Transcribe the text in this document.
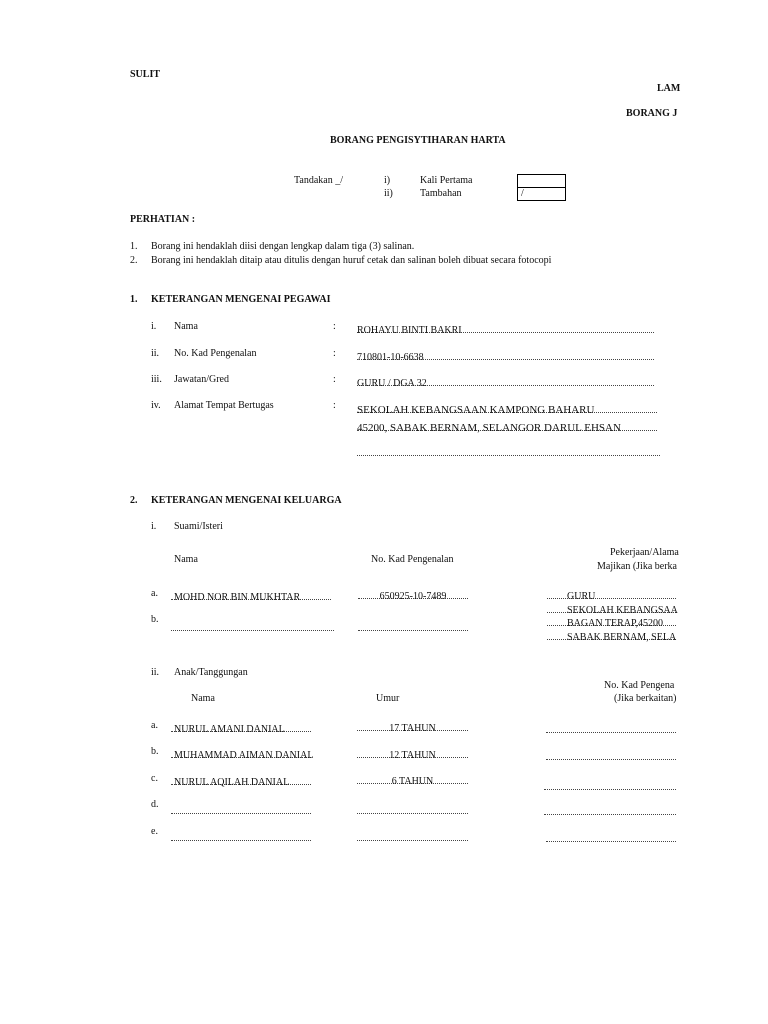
SULIT
LAM
BORANG J
BORANG PENGISYTIHARAN HARTA
Tandakan _/	i)	Kali Pertama
ii)	Tambahan	/
PERHATIAN :
1. Borang ini hendaklah diisi dengan lengkap dalam tiga (3) salinan.
2. Borang ini hendaklah ditaip atau ditulis dengan huruf cetak dan salinan boleh dibuat secara fotocopi
1. KETERANGAN MENGENAI PEGAWAI
i. Nama	: ROHAYU BINTI BAKRI
ii. No. Kad Pengenalan	: 710801-10-6638
iii. Jawatan/Gred	: GURU / DGA 32
iv. Alamat Tempat Bertugas	: SEKOLAH KEBANGSAAN KAMPONG BAHARU
45200, SABAK BERNAM, SELANGOR DARUL EHSAN
2. KETERANGAN MENGENAI KELUARGA
i. Suami/Isteri
Nama	No. Kad Pengenalan
Pekerjaan/Alama
Majikan (Jika berka
a.	MOHD NOR BIN MUKHTAR	650925-10-7489	GURU
SEKOLAH KEBANGSAA
BAGAN TERAP,45200
SABAK BERNAM, SELA
b.
ii. Anak/Tanggungan
Nama	Umur
No. Kad Pengena
(Jika berkaitan)
a.	NURUL AMANI DANIAL	17 TAHUN
b.	MUHAMMAD AIMAN DANIAL	12 TAHUN
c.	NURUL AQILAH DANIAL	6 TAHUN
d.
e.
